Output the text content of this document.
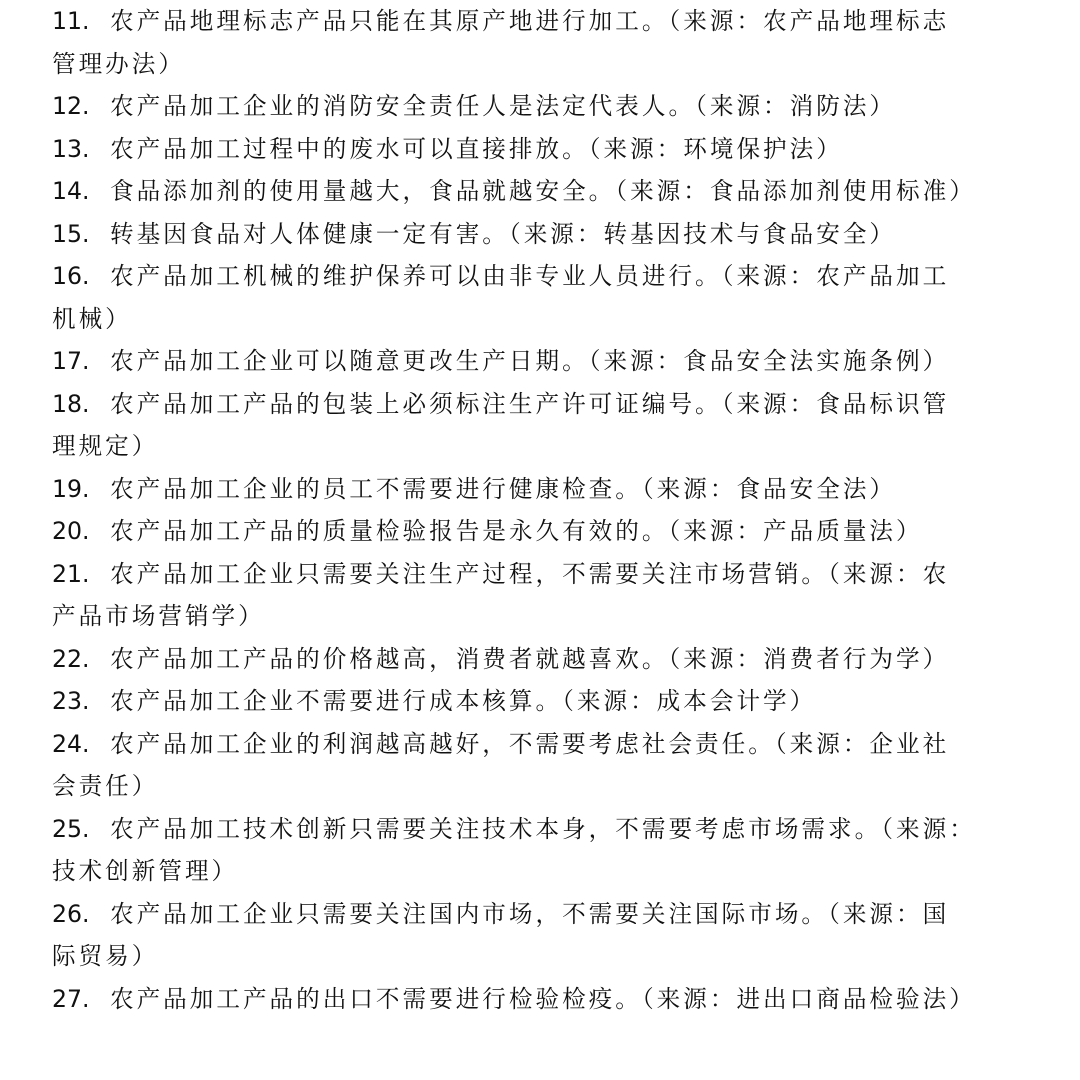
11. 农产品地理标志产品只能在其原产地进行加工。（来源：农产品地理标志
管理办法）
12. 农产品加工企业的消防安全责任人是法定代表人。（来源：消防法）
13. 农产品加工过程中的废水可以直接排放。（来源：环境保护法）
14. 食品添加剂的使用量越大，食品就越安全。（来源：食品添加剂使用标准）
15. 转基因食品对人体健康一定有害。（来源：转基因技术与食品安全）
16. 农产品加工机械的维护保养可以由非专业人员进行。（来源：农产品加工
机械）
17. 农产品加工企业可以随意更改生产日期。（来源：食品安全法实施条例）
18. 农产品加工产品的包装上必须标注生产许可证编号。（来源：食品标识管
理规定）
19. 农产品加工企业的员工不需要进行健康检查。（来源：食品安全法）
20. 农产品加工产品的质量检验报告是永久有效的。（来源：产品质量法）
21. 农产品加工企业只需要关注生产过程，不需要关注市场营销。（来源：农
产品市场营销学）
22. 农产品加工产品的价格越高，消费者就越喜欢。（来源：消费者行为学）
23. 农产品加工企业不需要进行成本核算。（来源：成本会计学）
24. 农产品加工企业的利润越高越好，不需要考虑社会责任。（来源：企业社
会责任）
25. 农产品加工技术创新只需要关注技术本身，不需要考虑市场需求。（来源：
技术创新管理）
26. 农产品加工企业只需要关注国内市场，不需要关注国际市场。（来源：国
际贸易）
27. 农产品加工产品的出口不需要进行检验检疫。（来源：进出口商品检验法）
